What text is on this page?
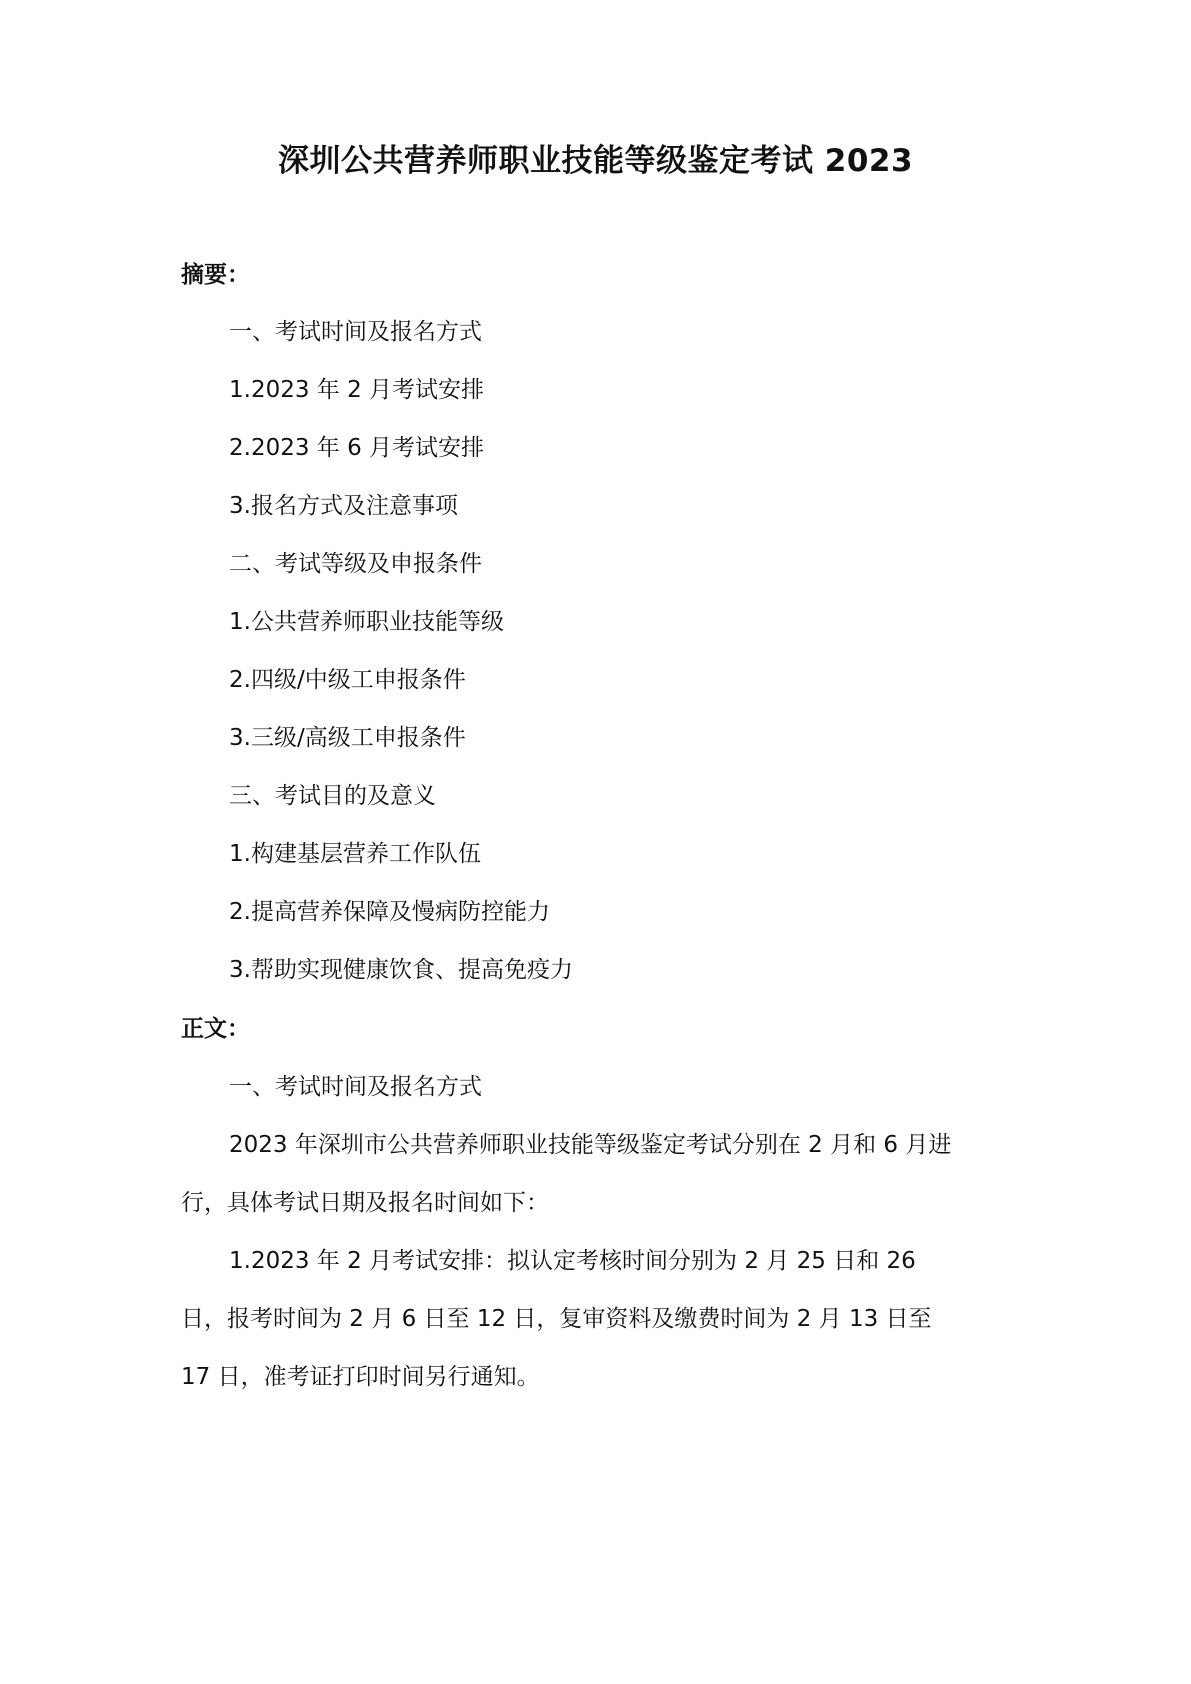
深圳公共营养师职业技能等级鉴定考试 2023
摘要：
一、考试时间及报名方式
1.2023 年 2 月考试安排
2.2023 年 6 月考试安排
3.报名方式及注意事项
二、考试等级及申报条件
1.公共营养师职业技能等级
2.四级/中级工申报条件
3.三级/高级工申报条件
三、考试目的及意义
1.构建基层营养工作队伍
2.提高营养保障及慢病防控能力
3.帮助实现健康饮食、提高免疫力
正文：
一、考试时间及报名方式
2023 年深圳市公共营养师职业技能等级鉴定考试分别在 2 月和 6 月进
行，具体考试日期及报名时间如下：
1.2023 年 2 月考试安排：拟认定考核时间分别为 2 月 25 日和 26
日，报考时间为 2 月 6 日至 12 日，复审资料及缴费时间为 2 月 13 日至
17 日，准考证打印时间另行通知。
